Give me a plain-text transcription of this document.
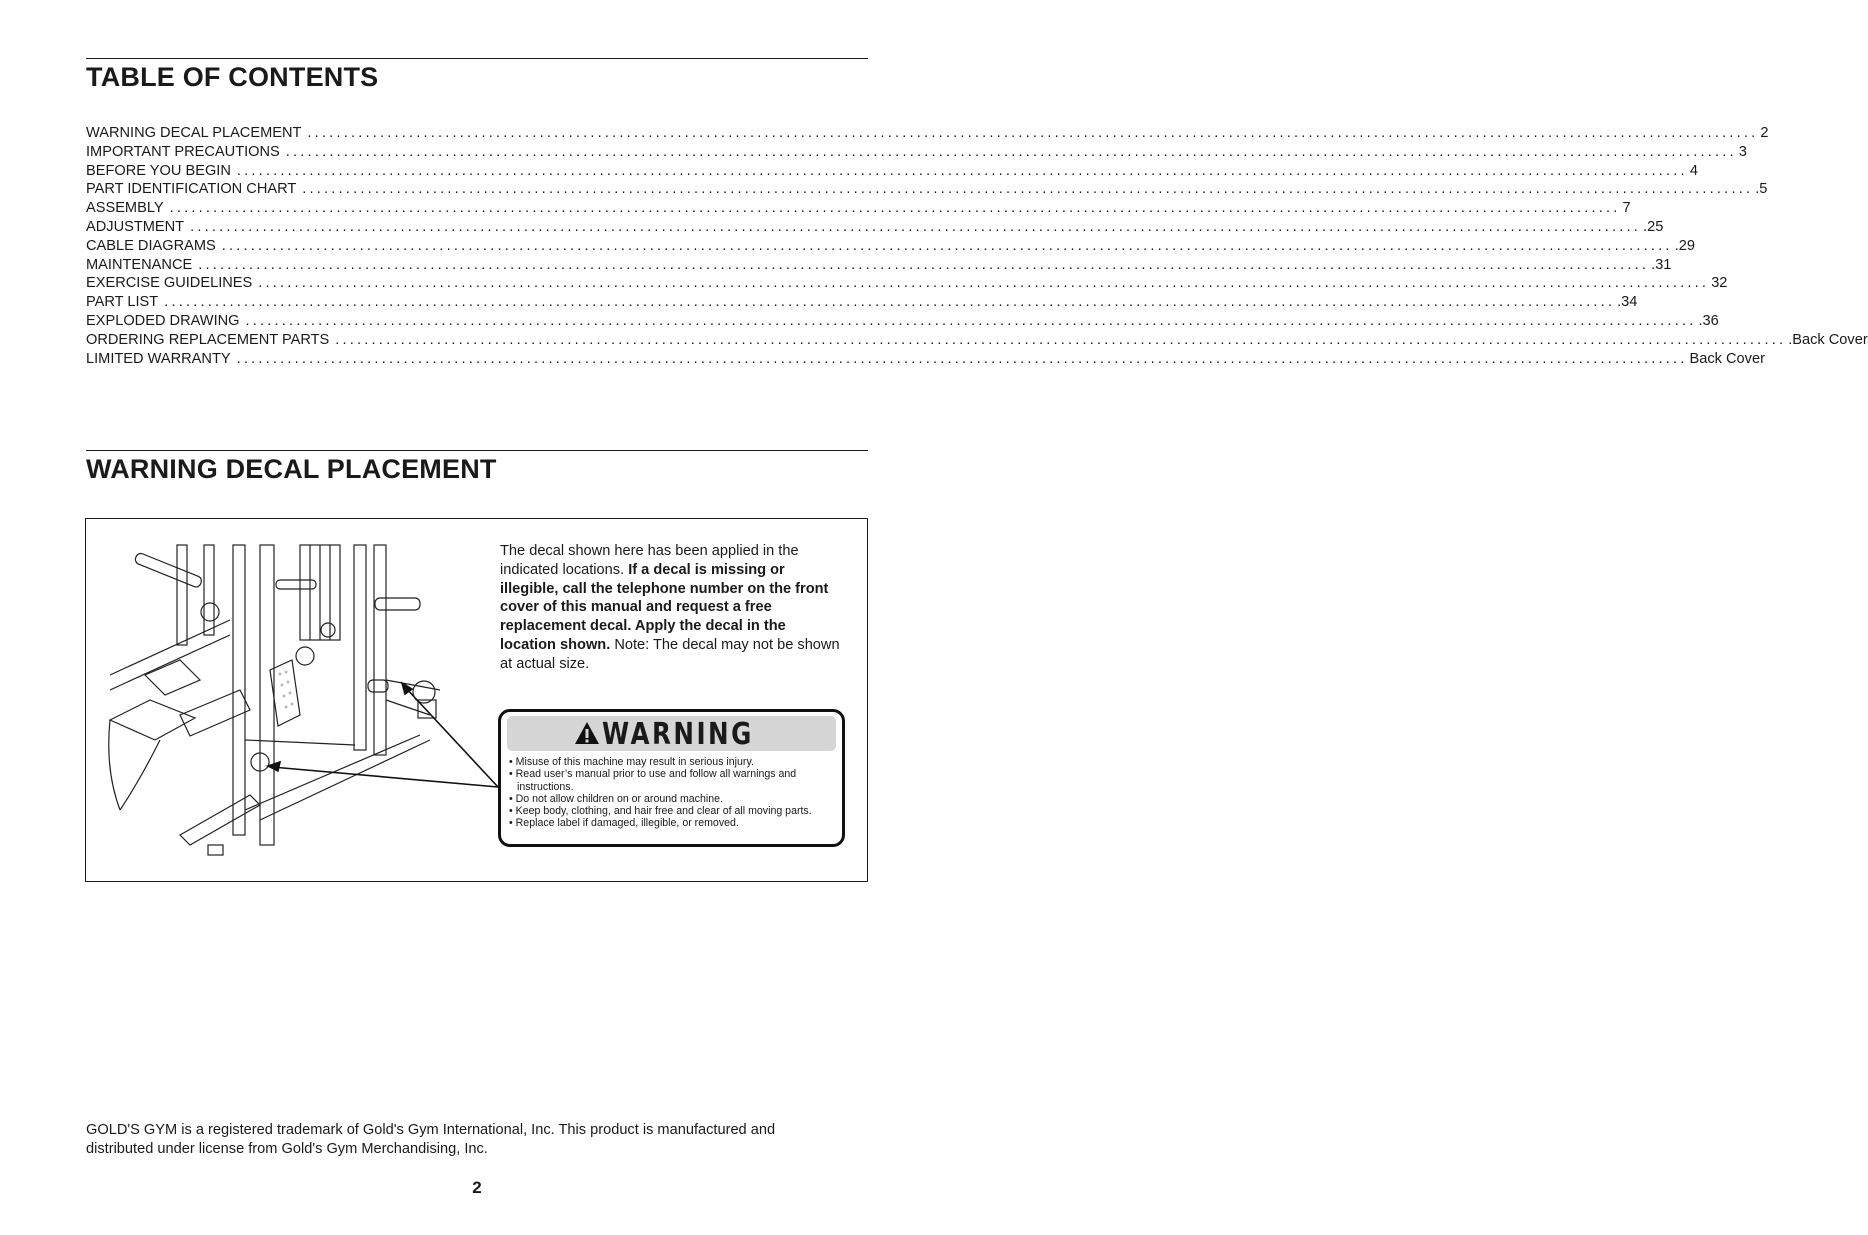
TABLE OF CONTENTS
WARNING DECAL PLACEMENT ........................................................................................................................................................................................................ 2
IMPORTANT PRECAUTIONS ........................................................................................................................................................................................................ 3
BEFORE YOU BEGIN ........................................................................................................................................................................................................ 4
PART IDENTIFICATION CHART ........................................................................................................................................................................................................ .5
ASSEMBLY ........................................................................................................................................................................................................ 7
ADJUSTMENT ........................................................................................................................................................................................................ .25
CABLE DIAGRAMS ........................................................................................................................................................................................................ .29
MAINTENANCE ........................................................................................................................................................................................................ .31
EXERCISE GUIDELINES ........................................................................................................................................................................................................ 32
PART LIST ........................................................................................................................................................................................................ .34
EXPLODED DRAWING ........................................................................................................................................................................................................ .36
ORDERING REPLACEMENT PARTS ........................................................................................................................................................................................................ .Back Cover
LIMITED WARRANTY ........................................................................................................................................................................................................ Back Cover
WARNING DECAL PLACEMENT
The decal shown here has been applied in the indicated locations. If a decal is missing or illegible, call the telephone number on the front cover of this manual and request a free replacement decal. Apply the decal in the location shown. Note: The decal may not be shown at actual size.
WARNING
• Misuse of this machine may result in serious injury.
• Read user’s manual prior to use and follow all warnings and instructions.
• Do not allow children on or around machine.
• Keep body, clothing, and hair free and clear of all moving parts.
• Replace label if damaged, illegible, or removed.
GOLD'S GYM is a registered trademark of Gold's Gym International, Inc. This product is manufactured and distributed under license from Gold's Gym Merchandising, Inc.
2
